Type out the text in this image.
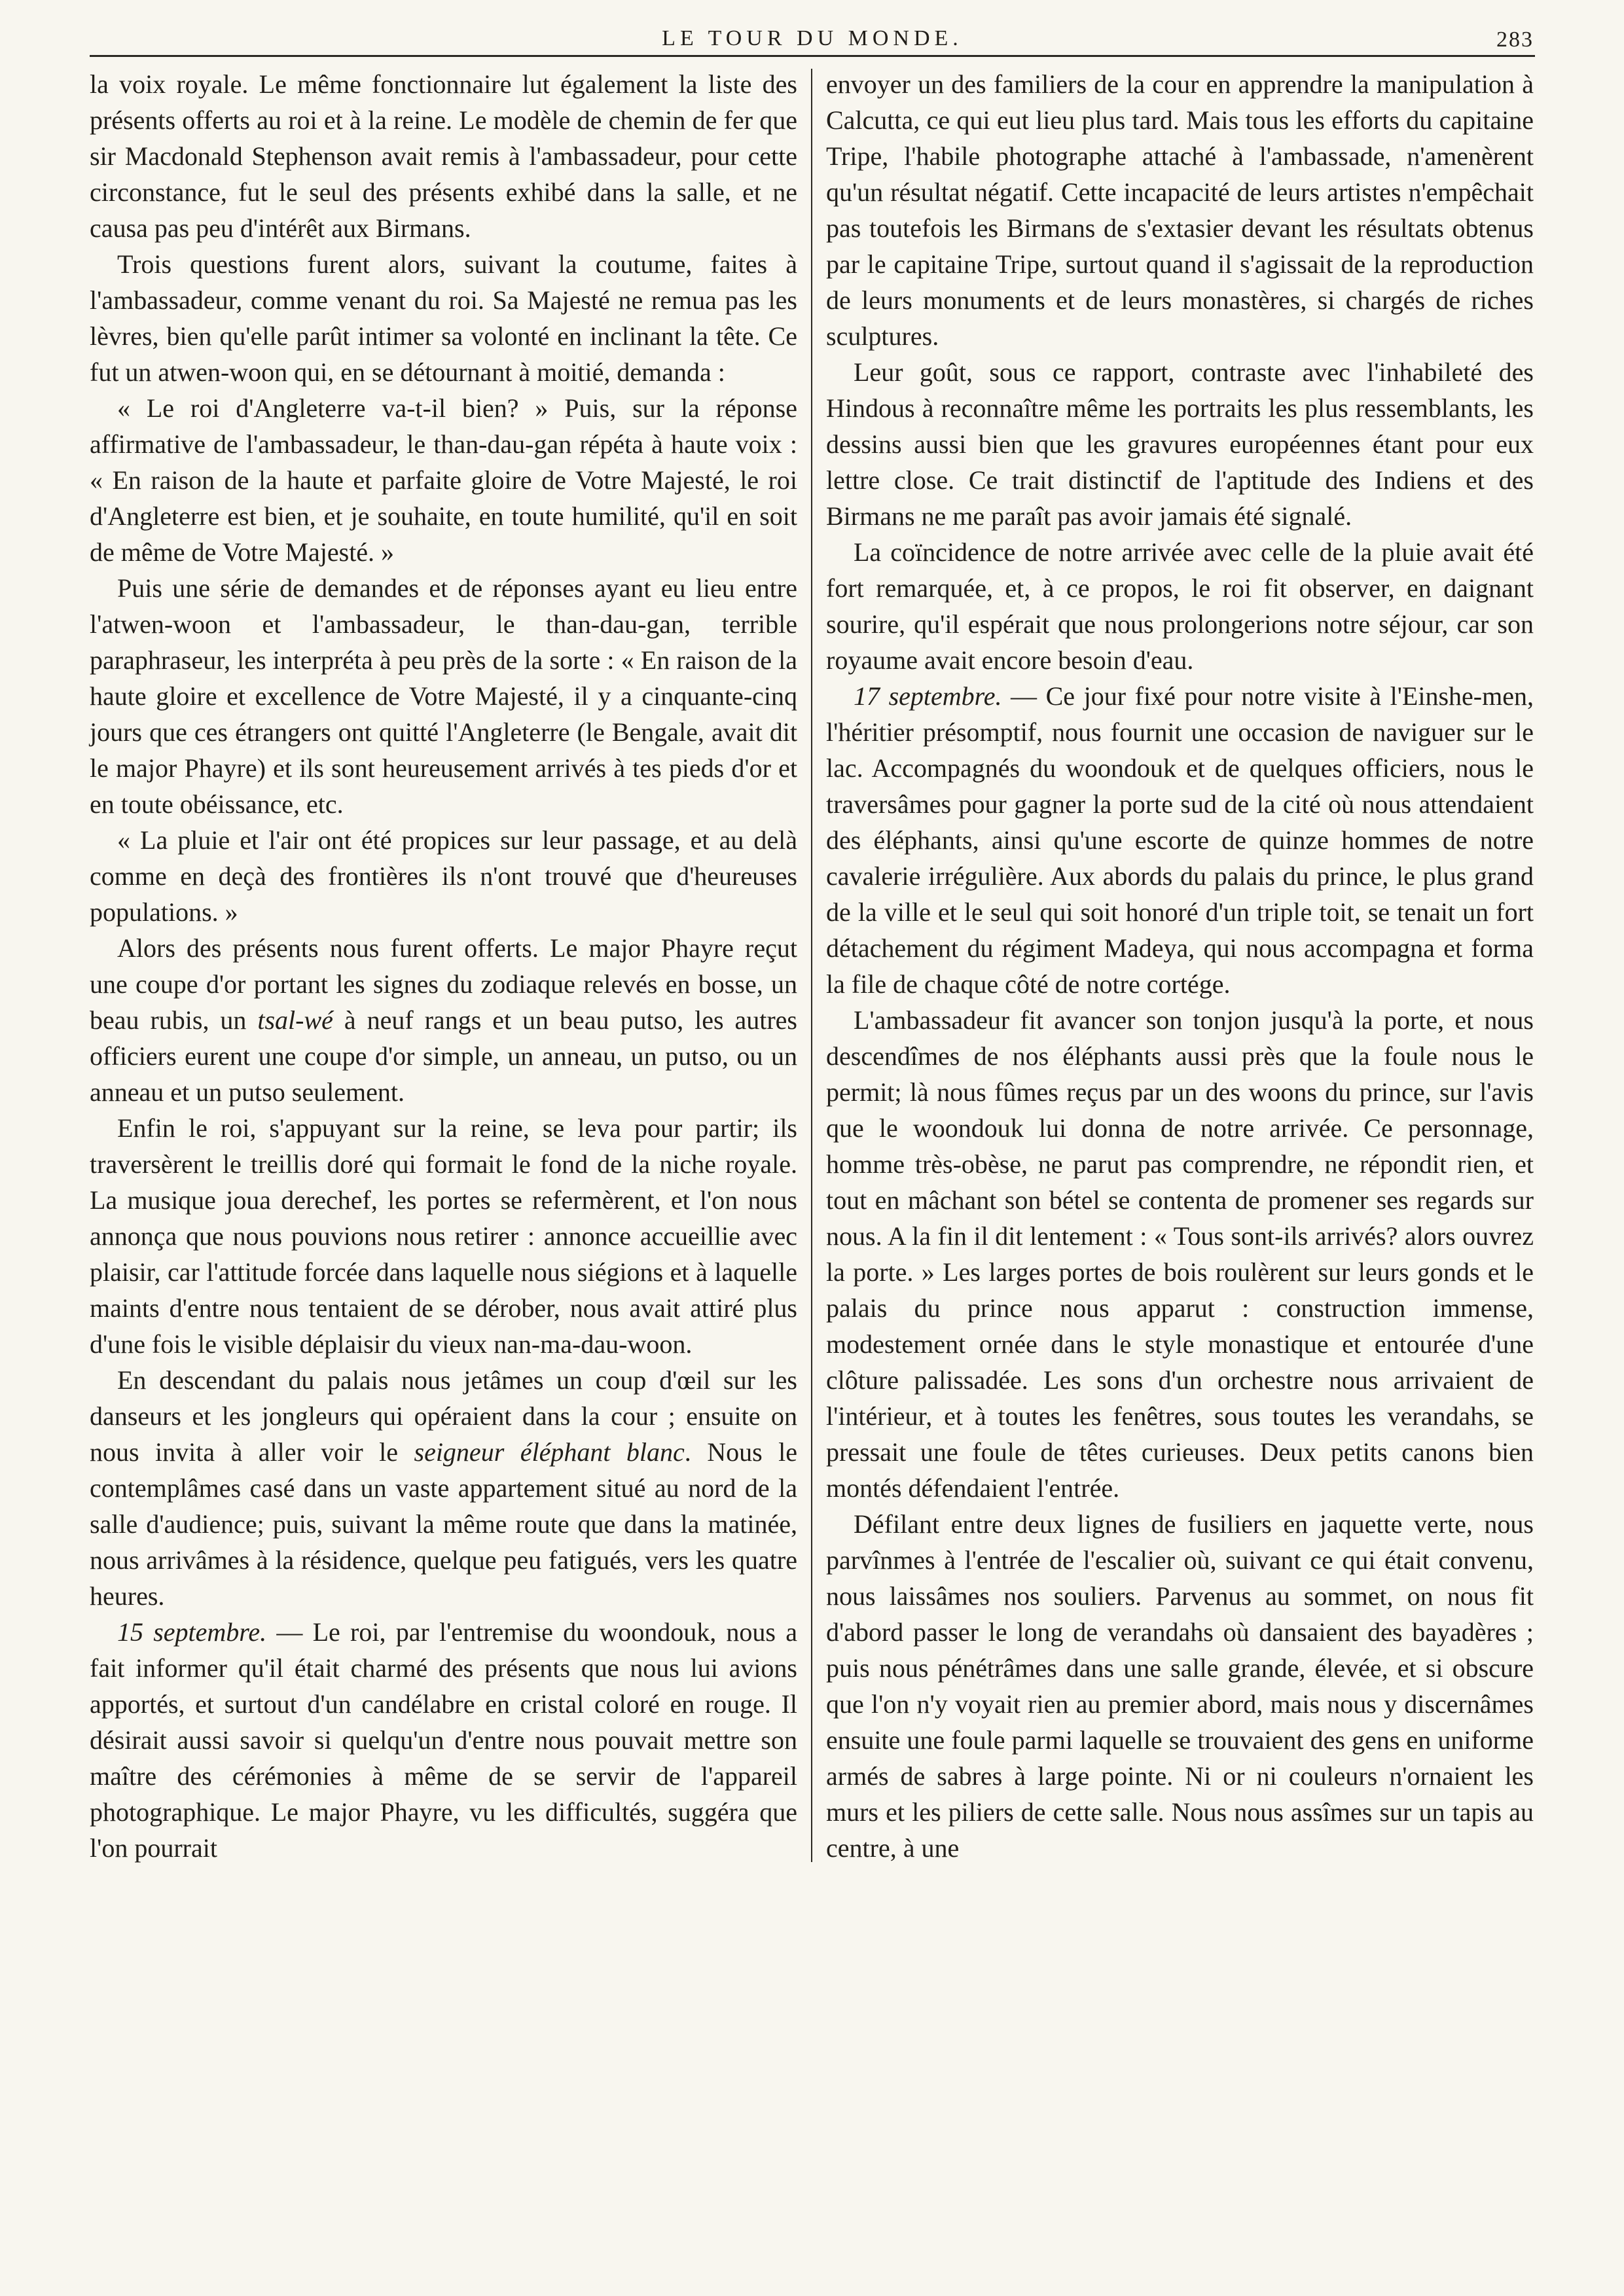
LE TOUR DU MONDE.	283

la voix royale. Le même fonctionnaire lut également la liste des présents offerts au roi et à la reine. Le modèle de chemin de fer que sir Macdonald Stephenson avait remis à l'ambassadeur, pour cette circonstance, fut le seul des présents exhibé dans la salle, et ne causa pas peu d'intérêt aux Birmans.

Trois questions furent alors, suivant la coutume, faites à l'ambassadeur, comme venant du roi. Sa Majesté ne remua pas les lèvres, bien qu'elle parût intimer sa volonté en inclinant la tête. Ce fut un atwen-woon qui, en se détournant à moitié, demanda :

« Le roi d'Angleterre va-t-il bien? » Puis, sur la réponse affirmative de l'ambassadeur, le than-dau-gan répéta à haute voix : « En raison de la haute et parfaite gloire de Votre Majesté, le roi d'Angleterre est bien, et je souhaite, en toute humilité, qu'il en soit de même de Votre Majesté. »

Puis une série de demandes et de réponses ayant eu lieu entre l'atwen-woon et l'ambassadeur, le than-dau-gan, terrible paraphraseur, les interpréta à peu près de la sorte : « En raison de la haute gloire et excellence de Votre Majesté, il y a cinquante-cinq jours que ces étrangers ont quitté l'Angleterre (le Bengale, avait dit le major Phayre) et ils sont heureusement arrivés à tes pieds d'or et en toute obéissance, etc.

« La pluie et l'air ont été propices sur leur passage, et au delà comme en deçà des frontières ils n'ont trouvé que d'heureuses populations. »

Alors des présents nous furent offerts. Le major Phayre reçut une coupe d'or portant les signes du zodiaque relevés en bosse, un beau rubis, un tsal-wé à neuf rangs et un beau putso, les autres officiers eurent une coupe d'or simple, un anneau, un putso, ou un anneau et un putso seulement.

Enfin le roi, s'appuyant sur la reine, se leva pour partir; ils traversèrent le treillis doré qui formait le fond de la niche royale. La musique joua derechef, les portes se refermèrent, et l'on nous annonça que nous pouvions nous retirer : annonce accueillie avec plaisir, car l'attitude forcée dans laquelle nous siégions et à laquelle maints d'entre nous tentaient de se dérober, nous avait attiré plus d'une fois le visible déplaisir du vieux nan-ma-dau-woon.

En descendant du palais nous jetâmes un coup d'œil sur les danseurs et les jongleurs qui opéraient dans la cour ; ensuite on nous invita à aller voir le seigneur éléphant blanc. Nous le contemplâmes casé dans un vaste appartement situé au nord de la salle d'audience; puis, suivant la même route que dans la matinée, nous arrivâmes à la résidence, quelque peu fatigués, vers les quatre heures.

15 septembre. — Le roi, par l'entremise du woondouk, nous a fait informer qu'il était charmé des présents que nous lui avions apportés, et surtout d'un candélabre en cristal coloré en rouge. Il désirait aussi savoir si quelqu'un d'entre nous pouvait mettre son maître des cérémonies à même de se servir de l'appareil photographique. Le major Phayre, vu les difficultés, suggéra que l'on pourrait

envoyer un des familiers de la cour en apprendre la manipulation à Calcutta, ce qui eut lieu plus tard. Mais tous les efforts du capitaine Tripe, l'habile photographe attaché à l'ambassade, n'amenèrent qu'un résultat négatif. Cette incapacité de leurs artistes n'empêchait pas toutefois les Birmans de s'extasier devant les résultats obtenus par le capitaine Tripe, surtout quand il s'agissait de la reproduction de leurs monuments et de leurs monastères, si chargés de riches sculptures.

Leur goût, sous ce rapport, contraste avec l'inhabileté des Hindous à reconnaître même les portraits les plus ressemblants, les dessins aussi bien que les gravures européennes étant pour eux lettre close. Ce trait distinctif de l'aptitude des Indiens et des Birmans ne me paraît pas avoir jamais été signalé.

La coïncidence de notre arrivée avec celle de la pluie avait été fort remarquée, et, à ce propos, le roi fit observer, en daignant sourire, qu'il espérait que nous prolongerions notre séjour, car son royaume avait encore besoin d'eau.

17 septembre. — Ce jour fixé pour notre visite à l'Einshe-men, l'héritier présomptif, nous fournit une occasion de naviguer sur le lac. Accompagnés du woondouk et de quelques officiers, nous le traversâmes pour gagner la porte sud de la cité où nous attendaient des éléphants, ainsi qu'une escorte de quinze hommes de notre cavalerie irrégulière. Aux abords du palais du prince, le plus grand de la ville et le seul qui soit honoré d'un triple toit, se tenait un fort détachement du régiment Madeya, qui nous accompagna et forma la file de chaque côté de notre cortége.

L'ambassadeur fit avancer son tonjon jusqu'à la porte, et nous descendîmes de nos éléphants aussi près que la foule nous le permit; là nous fûmes reçus par un des woons du prince, sur l'avis que le woondouk lui donna de notre arrivée. Ce personnage, homme très-obèse, ne parut pas comprendre, ne répondit rien, et tout en mâchant son bétel se contenta de promener ses regards sur nous. A la fin il dit lentement : « Tous sont-ils arrivés? alors ouvrez la porte. » Les larges portes de bois roulèrent sur leurs gonds et le palais du prince nous apparut : construction immense, modestement ornée dans le style monastique et entourée d'une clôture palissadée. Les sons d'un orchestre nous arrivaient de l'intérieur, et à toutes les fenêtres, sous toutes les verandahs, se pressait une foule de têtes curieuses. Deux petits canons bien montés défendaient l'entrée.

Défilant entre deux lignes de fusiliers en jaquette verte, nous parvînmes à l'entrée de l'escalier où, suivant ce qui était convenu, nous laissâmes nos souliers. Parvenus au sommet, on nous fit d'abord passer le long de verandahs où dansaient des bayadères ; puis nous pénétrâmes dans une salle grande, élevée, et si obscure que l'on n'y voyait rien au premier abord, mais nous y discernâmes ensuite une foule parmi laquelle se trouvaient des gens en uniforme armés de sabres à large pointe. Ni or ni couleurs n'ornaient les murs et les piliers de cette salle. Nous nous assîmes sur un tapis au centre, à une
